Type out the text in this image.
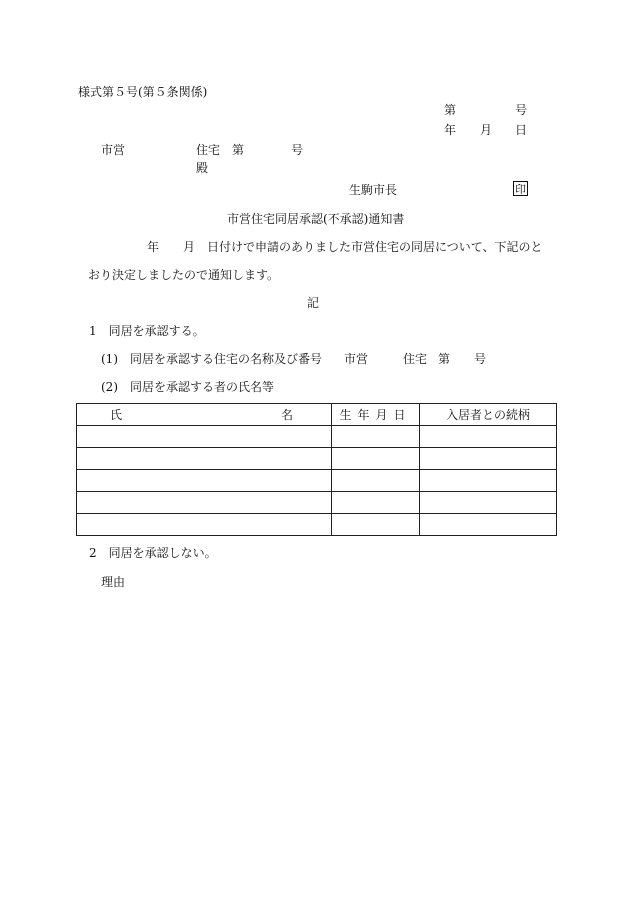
様式第５号(第５条関係)
第	号
年 月 日
市営	住宅 第	号
殿
生駒市長	印
市営住宅同居承認(不承認)通知書
年 月 日付けで申請のありました市営住宅の同居について、下記のと
おり決定しましたので通知します。
記
1　同居を承認する。
(1)　同居を承認する住宅の名称及び番号 市営	住宅 第 号
(2)　同居を承認する者の氏名等
氏 名	生年月日	入居者との続柄

2　同居を承認しない。
理由
